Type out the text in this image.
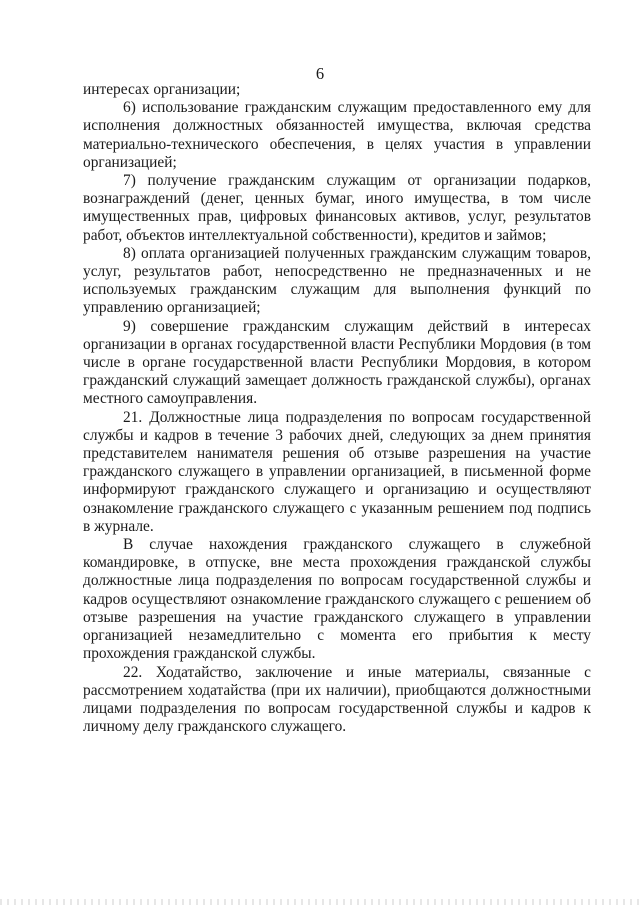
6

интересах организации;

6) использование гражданским служащим предоставленного ему для исполнения должностных обязанностей имущества, включая средства материально-технического обеспечения, в целях участия в управлении организацией;

7) получение гражданским служащим от организации подарков, вознаграждений (денег, ценных бумаг, иного имущества, в том числе имущественных прав, цифровых финансовых активов, услуг, результатов работ, объектов интеллектуальной собственности), кредитов и займов;

8) оплата организацией полученных гражданским служащим товаров, услуг, результатов работ, непосредственно не предназначенных и не используемых гражданским служащим для выполнения функций по управлению организацией;

9) совершение гражданским служащим действий в интересах организации в органах государственной власти Республики Мордовия (в том числе в органе государственной власти Республики Мордовия, в котором гражданский служащий замещает должность гражданской службы), органах местного самоуправления.

21. Должностные лица подразделения по вопросам государственной службы и кадров в течение 3 рабочих дней, следующих за днем принятия представителем нанимателя решения об отзыве разрешения на участие гражданского служащего в управлении организацией, в письменной форме информируют гражданского служащего и организацию и осуществляют ознакомление гражданского служащего с указанным решением под подпись в журнале.

В случае нахождения гражданского служащего в служебной командировке, в отпуске, вне места прохождения гражданской службы должностные лица подразделения по вопросам государственной службы и кадров осуществляют ознакомление гражданского служащего с решением об отзыве разрешения на участие гражданского служащего в управлении организацией незамедлительно с момента его прибытия к месту прохождения гражданской службы.

22. Ходатайство, заключение и иные материалы, связанные с рассмотрением ходатайства (при их наличии), приобщаются должностными лицами подразделения по вопросам государственной службы и кадров к личному делу гражданского служащего.
